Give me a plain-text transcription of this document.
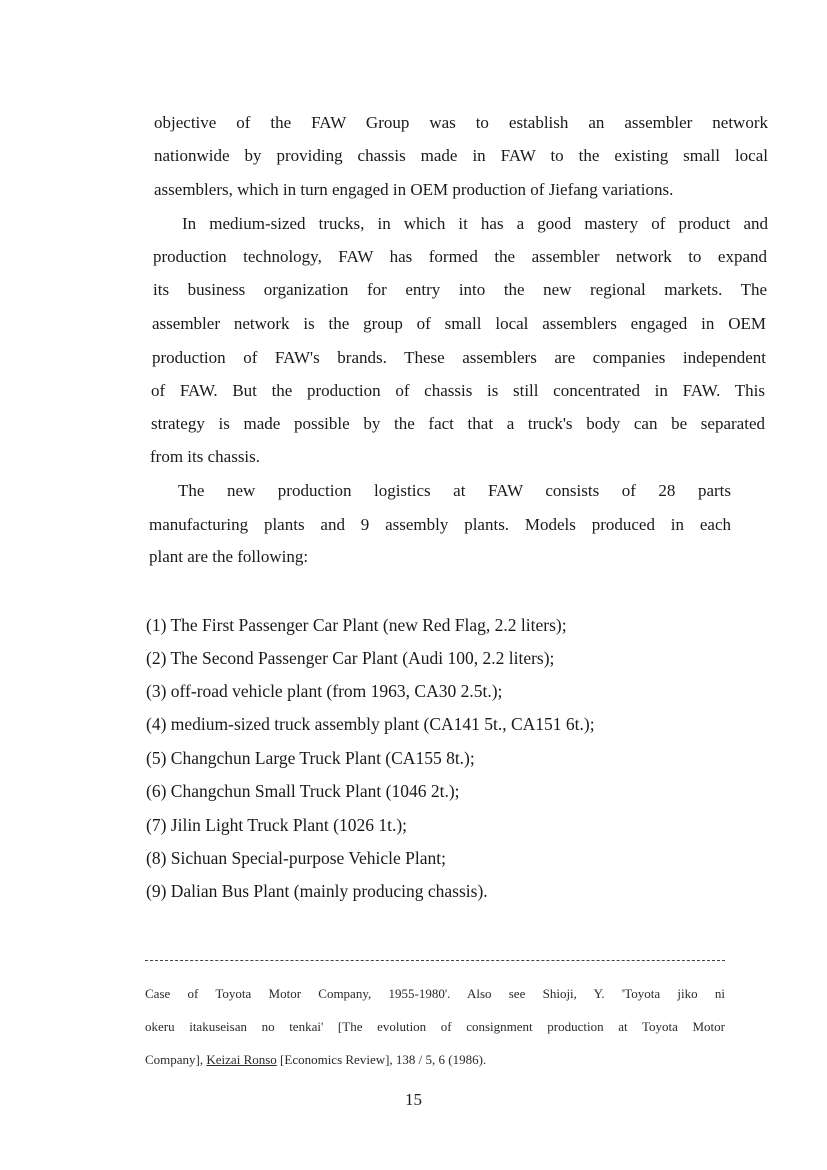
objective of the FAW Group was to establish an assembler network
nationwide by providing chassis made in FAW to the existing small local
assemblers, which in turn engaged in OEM production of Jiefang variations.
In medium-sized trucks, in which it has a good mastery of product and
production technology, FAW has formed the assembler network to expand
its business organization for entry into the new regional markets. The
assembler network is the group of small local assemblers engaged in OEM
production of FAW's brands. These assemblers are companies independent
of FAW. But the production of chassis is still concentrated in FAW. This
strategy is made possible by the fact that a truck's body can be separated
from its chassis.
The new production logistics at FAW consists of 28 parts
manufacturing plants and 9 assembly plants. Models produced in each
plant are the following:
(1) The First Passenger Car Plant (new Red Flag, 2.2 liters);
(2) The Second Passenger Car Plant (Audi 100, 2.2 liters);
(3) off-road vehicle plant (from 1963, CA30 2.5t.);
(4) medium-sized truck assembly plant (CA141 5t., CA151 6t.);
(5) Changchun Large Truck Plant (CA155 8t.);
(6) Changchun Small Truck Plant (1046 2t.);
(7) Jilin Light Truck Plant (1026 1t.);
(8) Sichuan Special-purpose Vehicle Plant;
(9) Dalian Bus Plant (mainly producing chassis).
Case of Toyota Motor Company, 1955-1980'. Also see Shioji, Y. 'Toyota jiko ni
okeru itakuseisan no tenkai' [The evolution of consignment production at Toyota Motor
Company], Keizai Ronso [Economics Review], 138 / 5, 6 (1986).
15
